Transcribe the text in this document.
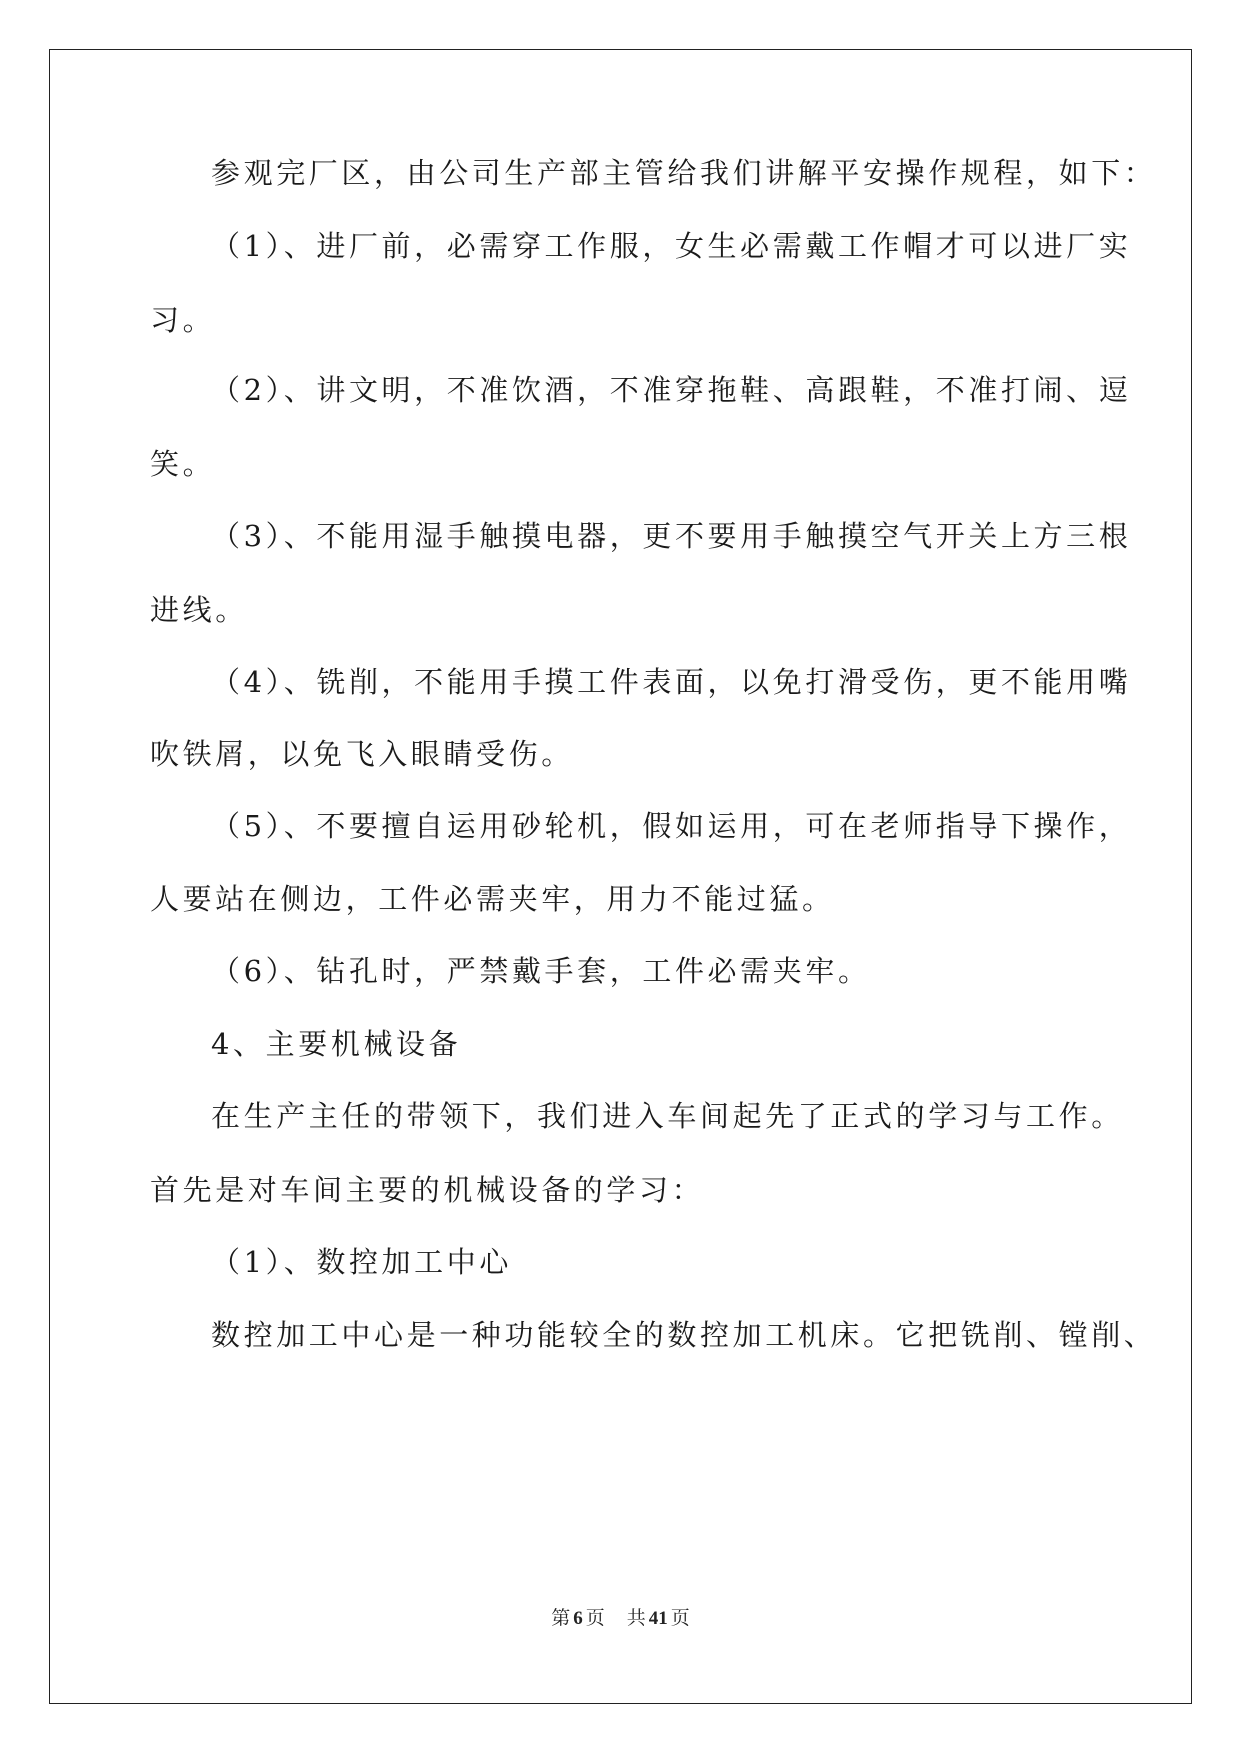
参观完厂区，由公司生产部主管给我们讲解平安操作规程，如下：
（1）、进厂前，必需穿工作服，女生必需戴工作帽才可以进厂实
习。
（2）、讲文明，不准饮酒，不准穿拖鞋、高跟鞋，不准打闹、逗
笑。
（3）、不能用湿手触摸电器，更不要用手触摸空气开关上方三根
进线。
（4）、铣削，不能用手摸工件表面，以免打滑受伤，更不能用嘴
吹铁屑，以免飞入眼睛受伤。
（5）、不要擅自运用砂轮机，假如运用，可在老师指导下操作，
人要站在侧边，工件必需夹牢，用力不能过猛。
（6）、钻孔时，严禁戴手套，工件必需夹牢。
4、主要机械设备
在生产主任的带领下，我们进入车间起先了正式的学习与工作。
首先是对车间主要的机械设备的学习：
（1）、数控加工中心
数控加工中心是一种功能较全的数控加工机床。它把铣削、镗削、
第 6 页 共 41 页
